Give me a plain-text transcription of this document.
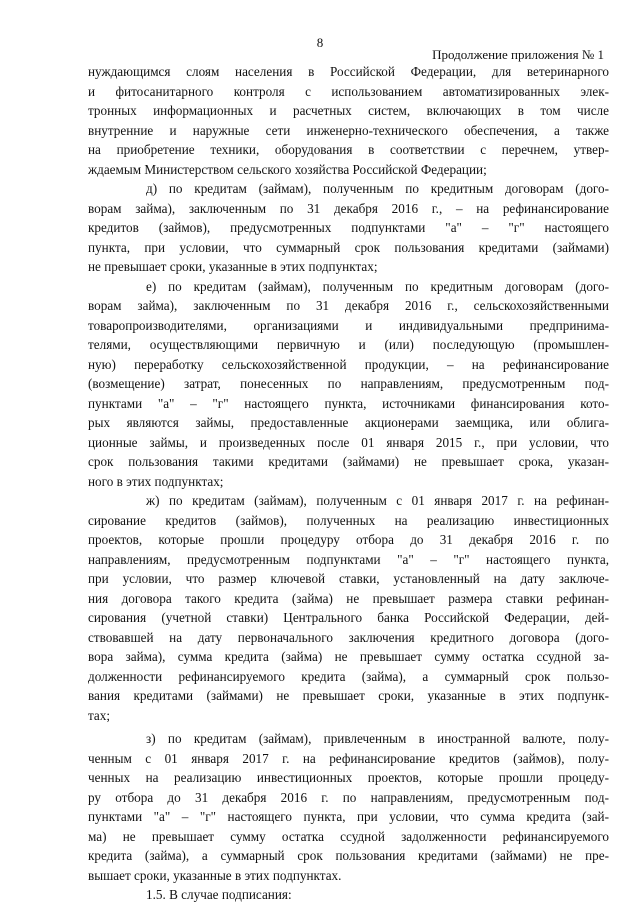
8
Продолжение приложения № 1
нуждающимся слоям населения в Российской Федерации, для ветеринарного
и фитосанитарного контроля с использованием автоматизированных элек-
тронных информационных и расчетных систем, включающих в том числе
внутренние и наружные сети инженерно-технического обеспечения, а также
на приобретение техники, оборудования в соответствии с перечнем, утвер-
ждаемым Министерством сельского хозяйства Российской Федерации;
д) по кредитам (займам), полученным по кредитным договорам (дого-
ворам займа), заключенным по 31 декабря 2016 г., – на рефинансирование
кредитов (займов), предусмотренных подпунктами "а" – "г" настоящего
пункта, при условии, что суммарный срок пользования кредитами (займами)
не превышает сроки, указанные в этих подпунктах;
е) по кредитам (займам), полученным по кредитным договорам (дого-
ворам займа), заключенным по 31 декабря 2016 г., сельскохозяйственными
товаропроизводителями, организациями и индивидуальными предпринима-
телями, осуществляющими первичную и (или) последующую (промышлен-
ную) переработку сельскохозяйственной продукции, – на рефинансирование
(возмещение) затрат, понесенных по направлениям, предусмотренным под-
пунктами "а" – "г" настоящего пункта, источниками финансирования кото-
рых являются займы, предоставленные акционерами заемщика, или облига-
ционные займы, и произведенных после 01 января 2015 г., при условии, что
срок пользования такими кредитами (займами) не превышает срока, указан-
ного в этих подпунктах;
ж) по кредитам (займам), полученным с 01 января 2017 г. на рефинан-
сирование кредитов (займов), полученных на реализацию инвестиционных
проектов, которые прошли процедуру отбора до 31 декабря 2016 г. по
направлениям, предусмотренным подпунктами "а" – "г" настоящего пункта,
при условии, что размер ключевой ставки, установленный на дату заключе-
ния договора такого кредита (займа) не превышает размера ставки рефинан-
сирования (учетной ставки) Центрального банка Российской Федерации, дей-
ствовавшей на дату первоначального заключения кредитного договора (дого-
вора займа), сумма кредита (займа) не превышает сумму остатка ссудной за-
долженности рефинансируемого кредита (займа), а суммарный срок пользо-
вания кредитами (займами) не превышает сроки, указанные в этих подпунк-
тах;
з) по кредитам (займам), привлеченным в иностранной валюте, полу-
ченным с 01 января 2017 г. на рефинансирование кредитов (займов), полу-
ченных на реализацию инвестиционных проектов, которые прошли процеду-
ру отбора до 31 декабря 2016 г. по направлениям, предусмотренным под-
пунктами "а" – "г" настоящего пункта, при условии, что сумма кредита (зай-
ма) не превышает сумму остатка ссудной задолженности рефинансируемого
кредита (займа), а суммарный срок пользования кредитами (займами) не пре-
вышает сроки, указанные в этих подпунктах.
1.5. В случае подписания:
